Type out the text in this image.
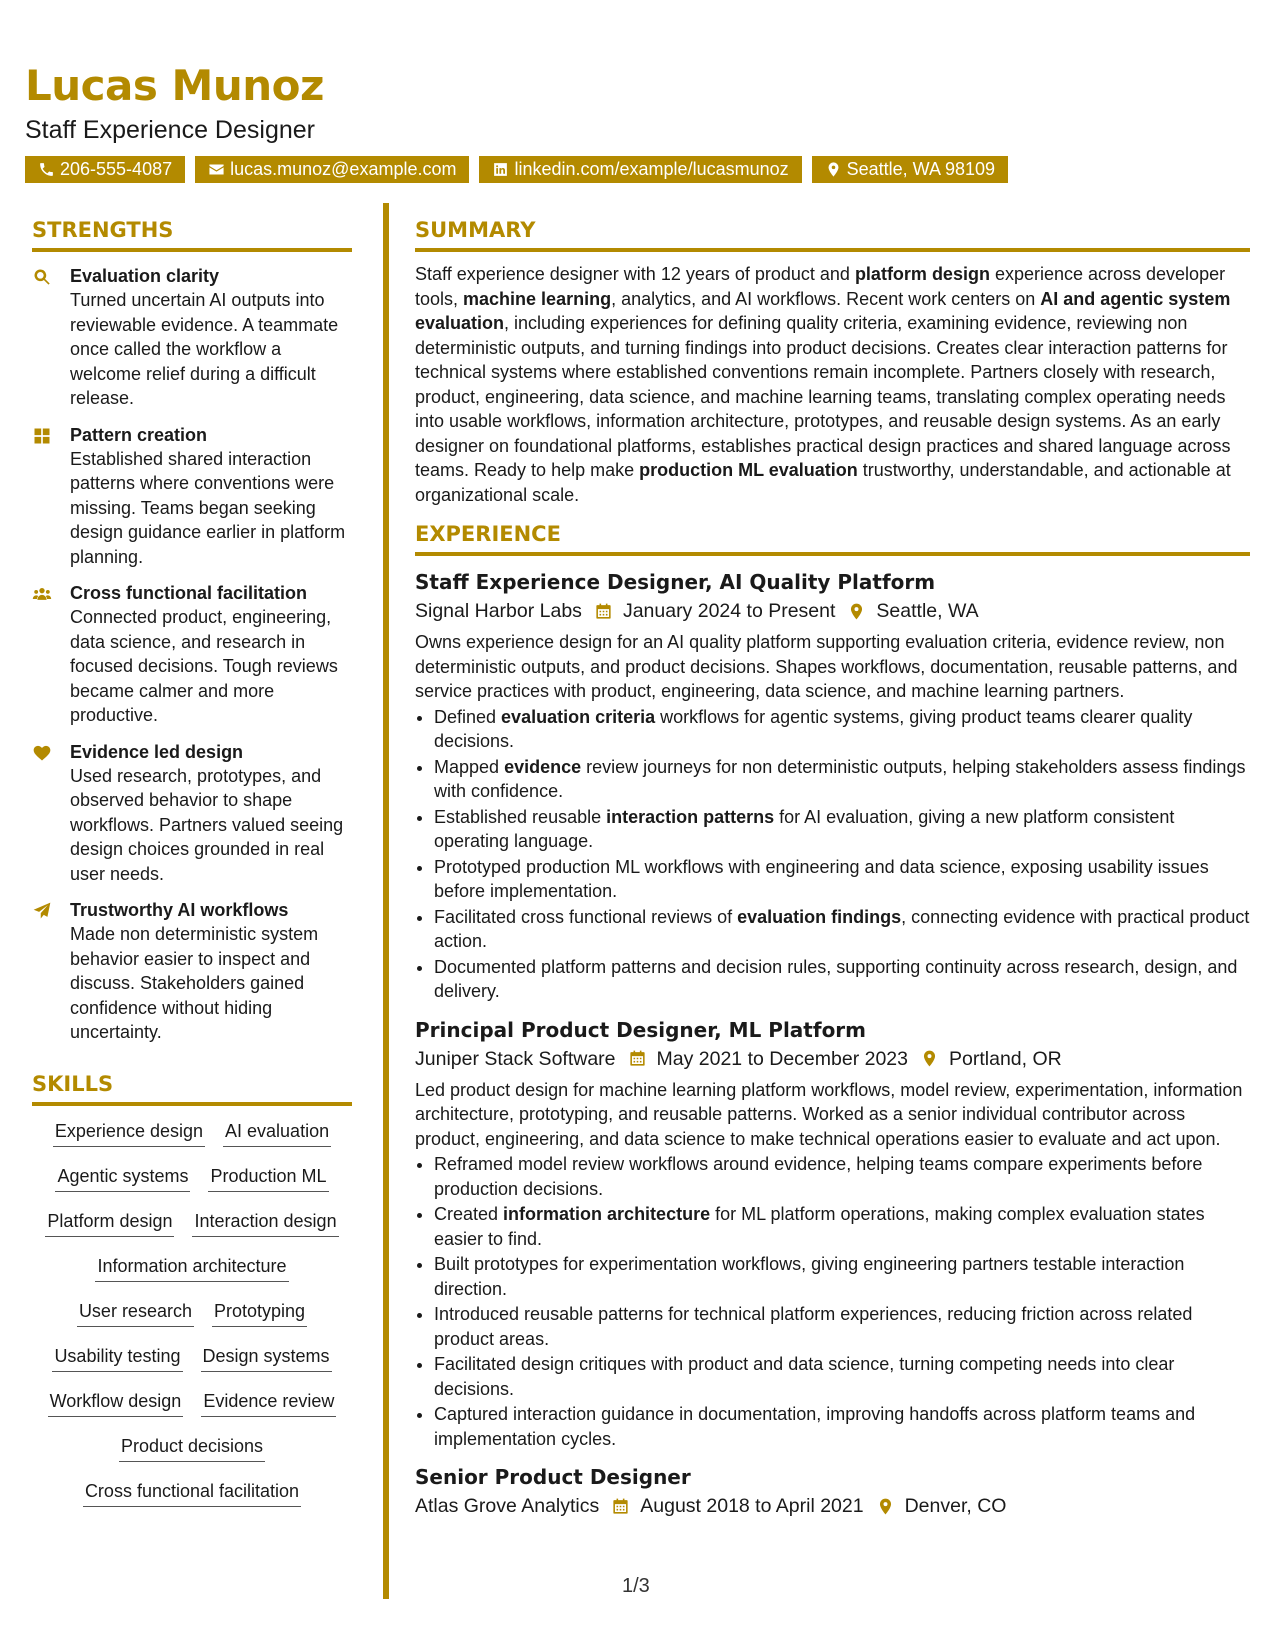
Lucas Munoz
Staff Experience Designer
206-555-4087	lucas.munoz@example.com	linkedin.com/example/lucasmunoz	Seattle, WA 98109
STRENGTHS
Evaluation clarity
Turned uncertain AI outputs into reviewable evidence. A teammate once called the workflow a welcome relief during a difficult release.
Pattern creation
Established shared interaction patterns where conventions were missing. Teams began seeking design guidance earlier in platform planning.
Cross functional facilitation
Connected product, engineering, data science, and research in focused decisions. Tough reviews became calmer and more productive.
Evidence led design
Used research, prototypes, and observed behavior to shape workflows. Partners valued seeing design choices grounded in real user needs.
Trustworthy AI workflows
Made non deterministic system behavior easier to inspect and discuss. Stakeholders gained confidence without hiding uncertainty.
SKILLS
Experience design AI evaluation
Agentic systems Production ML
Platform design Interaction design
Information architecture
User research Prototyping
Usability testing Design systems
Workflow design Evidence review
Product decisions
Cross functional facilitation
SUMMARY

Staff experience designer with 12 years of product and platform design experience across developer tools, machine learning, analytics, and AI workflows. Recent work centers on AI and agentic system evaluation, including experiences for defining quality criteria, examining evidence, reviewing non deterministic outputs, and turning findings into product decisions. Creates clear interaction patterns for technical systems where established conventions remain incomplete. Partners closely with research, product, engineering, data science, and machine learning teams, translating complex operating needs into usable workflows, information architecture, prototypes, and reusable design systems. As an early designer on foundational platforms, establishes practical design practices and shared language across teams. Ready to help make production ML evaluation trustworthy, understandable, and actionable at organizational scale.

EXPERIENCE
Staff Experience Designer, AI Quality Platform
Signal Harbor Labs January 2024 to Present Seattle, WA
Owns experience design for an AI quality platform supporting evaluation criteria, evidence review, non deterministic outputs, and product decisions. Shapes workflows, documentation, reusable patterns, and service practices with product, engineering, data science, and machine learning partners.
• Defined evaluation criteria workflows for agentic systems, giving product teams clearer quality decisions.
• Mapped evidence review journeys for non deterministic outputs, helping stakeholders assess findings with confidence.
• Established reusable interaction patterns for AI evaluation, giving a new platform consistent operating language.
• Prototyped production ML workflows with engineering and data science, exposing usability issues before implementation.
• Facilitated cross functional reviews of evaluation findings, connecting evidence with practical product action.
• Documented platform patterns and decision rules, supporting continuity across research, design, and delivery.
Principal Product Designer, ML Platform
Juniper Stack Software May 2021 to December 2023 Portland, OR
Led product design for machine learning platform workflows, model review, experimentation, information architecture, prototyping, and reusable patterns. Worked as a senior individual contributor across product, engineering, and data science to make technical operations easier to evaluate and act upon.
• Reframed model review workflows around evidence, helping teams compare experiments before production decisions.
• Created information architecture for ML platform operations, making complex evaluation states easier to find.
• Built prototypes for experimentation workflows, giving engineering partners testable interaction direction.
• Introduced reusable patterns for technical platform experiences, reducing friction across related product areas.
• Facilitated design critiques with product and data science, turning competing needs into clear decisions.
• Captured interaction guidance in documentation, improving handoffs across platform teams and implementation cycles.
Senior Product Designer
Atlas Grove Analytics August 2018 to April 2021 Denver, CO
1/3
